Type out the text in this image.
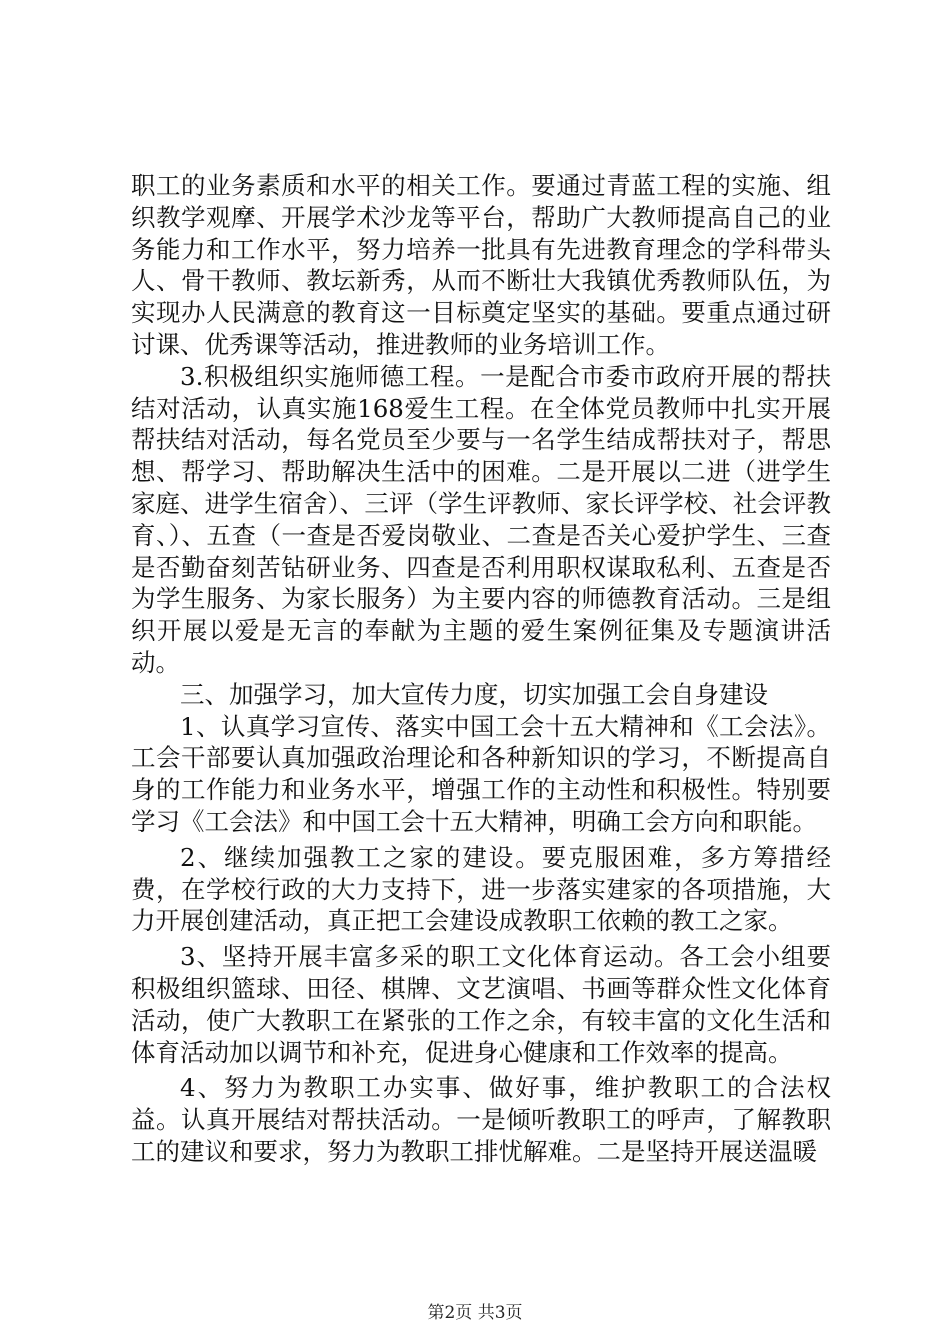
职工的业务素质和水平的相关工作。要通过青蓝工程的实施、组织教学观摩、开展学术沙龙等平台，帮助广大教师提高自己的业务能力和工作水平，努力培养一批具有先进教育理念的学科带头人、骨干教师、教坛新秀，从而不断壮大我镇优秀教师队伍，为实现办人民满意的教育这一目标奠定坚实的基础。要重点通过研讨课、优秀课等活动，推进教师的业务培训工作。

3.积极组织实施师德工程。一是配合市委市政府开展的帮扶结对活动，认真实施168爱生工程。在全体党员教师中扎实开展帮扶结对活动，每名党员至少要与一名学生结成帮扶对子，帮思想、帮学习、帮助解决生活中的困难。二是开展以二进（进学生家庭、进学生宿舍）、三评（学生评教师、家长评学校、社会评教育、）、五查（一查是否爱岗敬业、二查是否关心爱护学生、三查是否勤奋刻苦钻研业务、四查是否利用职权谋取私利、五查是否为学生服务、为家长服务）为主要内容的师德教育活动。三是组织开展以爱是无言的奉献为主题的爱生案例征集及专题演讲活动。

三、加强学习，加大宣传力度，切实加强工会自身建设

1、认真学习宣传、落实中国工会十五大精神和《工会法》。工会干部要认真加强政治理论和各种新知识的学习，不断提高自身的工作能力和业务水平，增强工作的主动性和积极性。特别要学习《工会法》和中国工会十五大精神，明确工会方向和职能。

2、继续加强教工之家的建设。要克服困难，多方筹措经费，在学校行政的大力支持下，进一步落实建家的各项措施，大力开展创建活动，真正把工会建设成教职工依赖的教工之家。

3、坚持开展丰富多采的职工文化体育运动。各工会小组要积极组织篮球、田径、棋牌、文艺演唱、书画等群众性文化体育活动，使广大教职工在紧张的工作之余，有较丰富的文化生活和体育活动加以调节和补充，促进身心健康和工作效率的提高。

4、努力为教职工办实事、做好事，维护教职工的合法权益。认真开展结对帮扶活动。一是倾听教职工的呼声，了解教职工的建议和要求，努力为教职工排忧解难。二是坚持开展送温暖

第2页 共3页
